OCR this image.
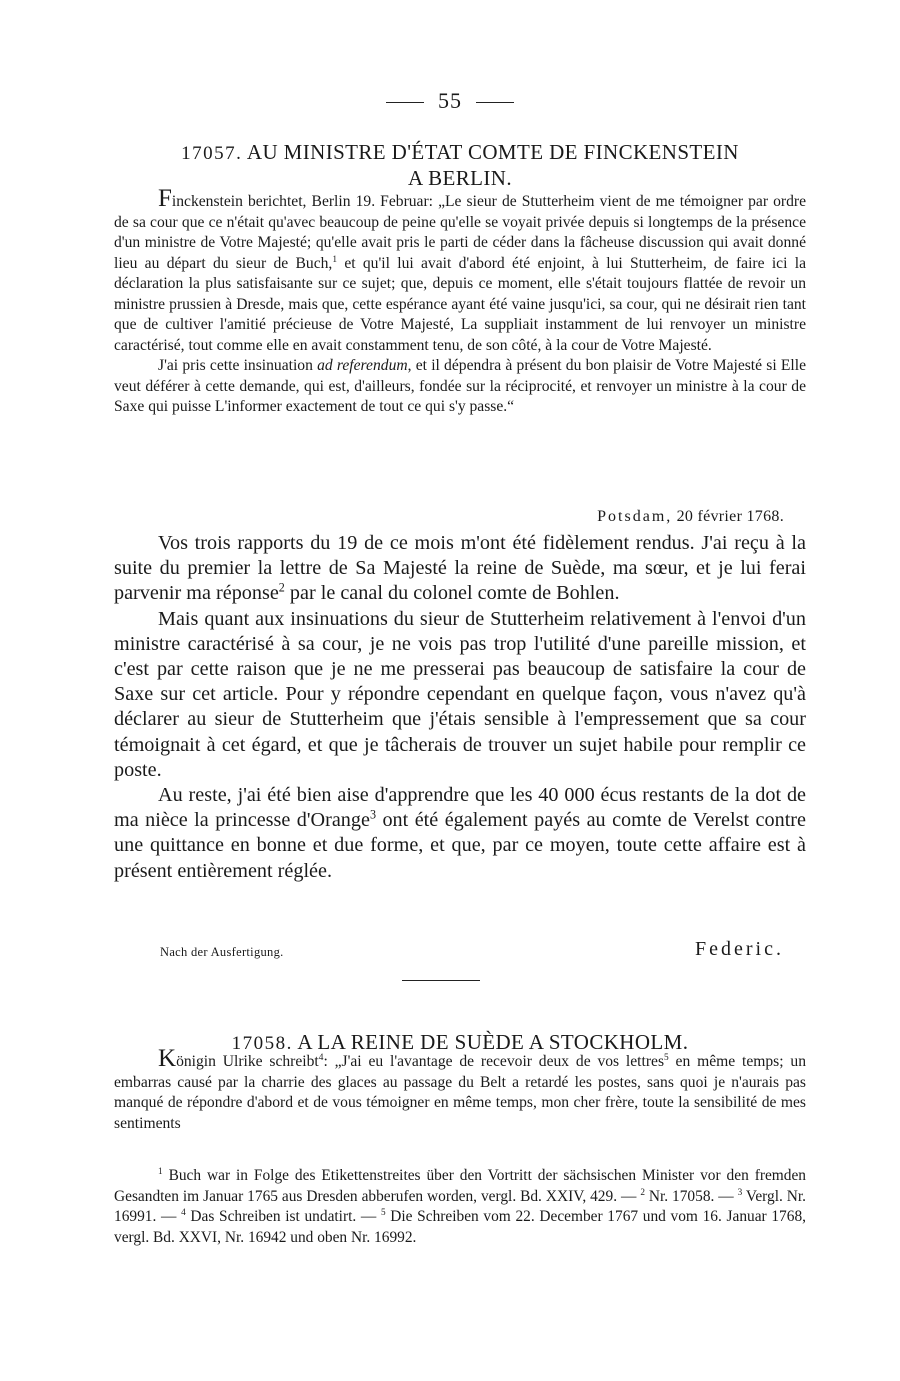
55
17057. AU MINISTRE D'ÉTAT COMTE DE FINCKENSTEIN
A BERLIN.

Finckenstein berichtet, Berlin 19. Februar: „Le sieur de Stutterheim vient de me témoigner par ordre de sa cour que ce n'était qu'avec beaucoup de peine qu'elle se voyait privée depuis si longtemps de la présence d'un ministre de Votre Majesté; qu'elle avait pris le parti de céder dans la fâcheuse discussion qui avait donné lieu au départ du sieur de Buch,$^1$ et qu'il lui avait d'abord été enjoint, à lui Stutterheim, de faire ici la déclaration la plus satisfaisante sur ce sujet; que, depuis ce moment, elle s'était toujours flattée de revoir un ministre prussien à Dresde, mais que, cette espérance ayant été vaine jusqu'ici, sa cour, qui ne désirait rien tant que de cultiver l'amitié précieuse de Votre Majesté, La suppliait instamment de lui renvoyer un ministre caractérisé, tout comme elle en avait constamment tenu, de son côté, à la cour de Votre Majesté.

J'ai pris cette insinuation ad referendum, et il dépendra à présent du bon plaisir de Votre Majesté si Elle veut déférer à cette demande, qui est, d'ailleurs, fondée sur la réciprocité, et renvoyer un ministre à la cour de Saxe qui puisse L'informer exactement de tout ce qui s'y passe.“

Potsdam, 20 février 1768.

Vos trois rapports du 19 de ce mois m'ont été fidèlement rendus. J'ai reçu à la suite du premier la lettre de Sa Majesté la reine de Suède, ma sœur, et je lui ferai parvenir ma réponse$^2$ par le canal du colonel comte de Bohlen.

Mais quant aux insinuations du sieur de Stutterheim relativement à l'envoi d'un ministre caractérisé à sa cour, je ne vois pas trop l'utilité d'une pareille mission, et c'est par cette raison que je ne me presserai pas beaucoup de satisfaire la cour de Saxe sur cet article. Pour y répondre cependant en quelque façon, vous n'avez qu'à déclarer au sieur de Stutterheim que j'étais sensible à l'empressement que sa cour témoignait à cet égard, et que je tâcherais de trouver un sujet habile pour remplir ce poste.

Au reste, j'ai été bien aise d'apprendre que les 40 000 écus restants de la dot de ma nièce la princesse d'Orange$^3$ ont été également payés au comte de Verelst contre une quittance en bonne et due forme, et que, par ce moyen, toute cette affaire est à présent entièrement réglée.

Nach der Ausfertigung.	Federic.
17058. A LA REINE DE SUÈDE A STOCKHOLM.

Königin Ulrike schreibt$^4$: „J'ai eu l'avantage de recevoir deux de vos lettres$^5$ en même temps; un embarras causé par la charrie des glaces au passage du Belt a retardé les postes, sans quoi je n'aurais pas manqué de répondre d'abord et de vous témoigner en même temps, mon cher frère, toute la sensibilité de mes sentiments

$^1$ Buch war in Folge des Etikettenstreites über den Vortritt der sächsischen Minister vor den fremden Gesandten im Januar 1765 aus Dresden abberufen worden, vergl. Bd. XXIV, 429. — $^2$ Nr. 17058. — $^3$ Vergl. Nr. 16991. — $^4$ Das Schreiben ist undatirt. — $^5$ Die Schreiben vom 22. December 1767 und vom 16. Januar 1768, vergl. Bd. XXVI, Nr. 16942 und oben Nr. 16992.
